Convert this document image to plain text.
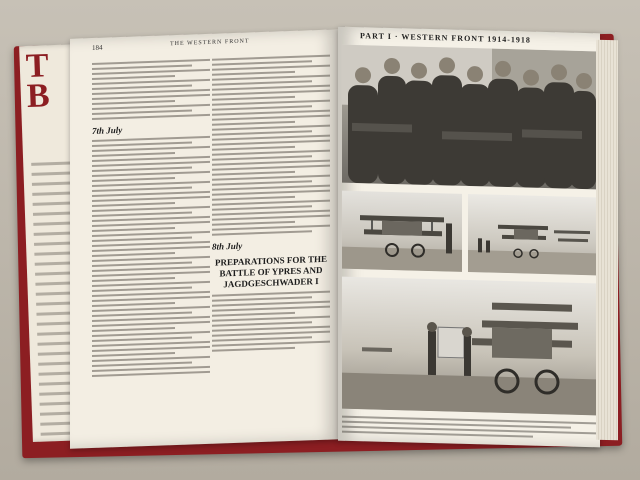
T
B
184
THE WESTERN FRONT
7th July
8th July
PREPARATIONS FOR THE BATTLE OF YPRES AND JAGDGESCHWADER I
PART I · WESTERN FRONT 1914-1918
